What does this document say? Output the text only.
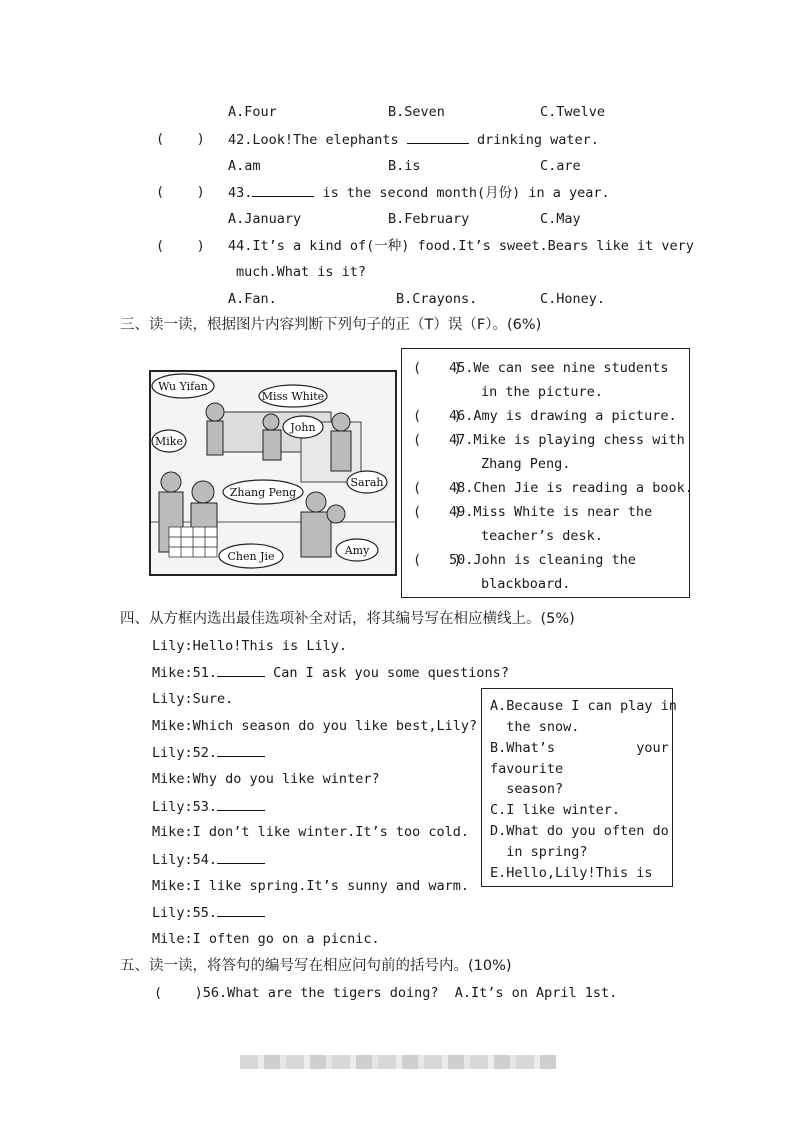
A.Four	B.Seven	C.Twelve
(    ) 42.Look!The elephants	drinking water.
A.am	B.is	C.are
(    ) 43.	is the second month(月份) in a year.
A.January	B.February	C.May
(    ) 44.It’s a kind of(一种) food.It’s sweet.Bears like it very
much.What is it?
A.Fan.	B.Crayons.	C.Honey.
三、读一读，根据图片内容判断下列句子的正（T）误（F）。(6%)
Wu Yifan
Miss White
John
Mike
Zhang Peng
Sarah
Chen Jie	Amy
(    )
45.We can see nine students
in the picture.
(    )
46.Amy is drawing a picture.
(    )
47.Mike is playing chess with
Zhang Peng.
(    )
48.Chen Jie is reading a book.
(    )
49.Miss White is near the
teacher’s desk.
(    )
50.John is cleaning the
blackboard.
四、从方框内选出最佳选项补全对话，将其编号写在相应横线上。(5%)
Lily:Hello!This is Lily.
Mike:51.	Can I ask you some questions?
Lily:Sure.
Mike:Which season do you like best,Lily?
Lily:52.
Mike:Why do you like winter?
Lily:53.
Mike:I don’t like winter.It’s too cold.
Lily:54.
Mike:I like spring.It’s sunny and warm.
Lily:55.
Mile:I often go on a picnic.
A.Because I can play in
the snow.
B.What’s          your
favourite
season?
C.I like winter.
D.What do you often do
in spring?
E.Hello,Lily!This is
五、读一读，将答句的编号写在相应问句前的括号内。(10%)
(    )56.What are the tigers doing?  A.It’s on April 1st.
